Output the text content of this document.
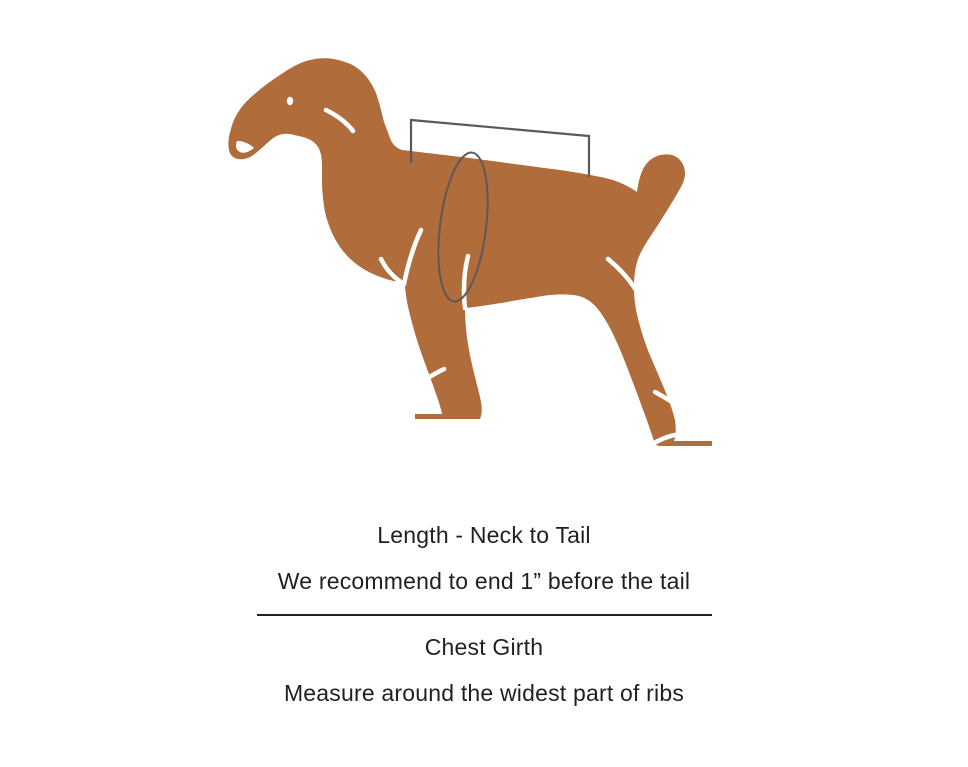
Length - Neck to Tail
We recommend to end 1” before the tail
Chest Girth
Measure around the widest part of ribs
